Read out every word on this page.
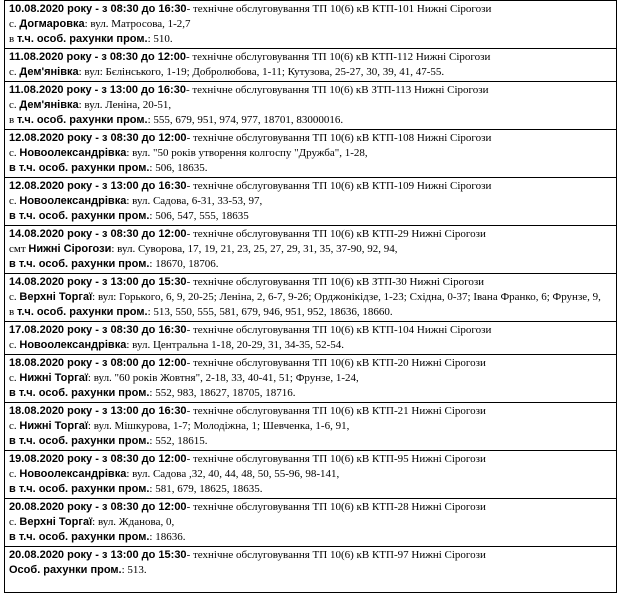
10.08.2020 року - з 08:30 до 16:30- технічне обслуговування ТП 10(6) кВ КТП-101 Нижні Сірогози
с. Догмаровка: вул. Матросова, 1-2,7
в т.ч. особ. рахунки пром.: 510.

11.08.2020 року - з 08:30 до 12:00- технічне обслуговування ТП 10(6) кВ КТП-112 Нижні Сірогози
с. Дем'янівка: вул: Бєлінського, 1-19; Добролюбова, 1-11; Кутузова, 25-27, 30, 39, 41, 47-55.

11.08.2020 року - з 13:00 до 16:30- технічне обслуговування ТП 10(6) кВ ЗТП-113 Нижні Сірогози
с. Дем'янівка: вул. Леніна, 20-51,
в т.ч. особ. рахунки пром.: 555, 679, 951, 974, 977, 18701, 83000016.

12.08.2020 року - з 08:30 до 12:00- технічне обслуговування ТП 10(6) кВ КТП-108 Нижні Сірогози
с. Новоолександрівка: вул. "50 років утворення колгоспу "Дружба", 1-28,
в т.ч. особ. рахунки пром.: 506, 18635.

12.08.2020 року - з 13:00 до 16:30- технічне обслуговування ТП 10(6) кВ КТП-109 Нижні Сірогози
с. Новоолександрівка: вул. Садова, 6-31, 33-53, 97,
в т.ч. особ. рахунки пром.: 506, 547, 555, 18635

14.08.2020 року - з 08:30 до 12:00- технічне обслуговування ТП 10(6) кВ КТП-29 Нижні Сірогози
смт Нижні Сірогози: вул. Суворова, 17, 19, 21, 23, 25, 27, 29, 31, 35, 37-90, 92, 94,
в т.ч. особ. рахунки пром.: 18670, 18706.

14.08.2020 року - з 13:00 до 15:30- технічне обслуговування ТП 10(6) кВ ЗТП-30 Нижні Сірогози
с. Верхні Торгаї: вул: Горького, 6, 9, 20-25; Леніна, 2, 6-7, 9-26; Орджонікідзе, 1-23; Східна, 0-37; Івана Франко, 6; Фрунзе, 9,
в т.ч. особ. рахунки пром.: 513, 550, 555, 581, 679, 946, 951, 952, 18636, 18660.

17.08.2020 року - з 08:30 до 16:30- технічне обслуговування ТП 10(6) кВ КТП-104 Нижні Сірогози
с. Новоолександрівка: вул. Центральна 1-18, 20-29, 31, 34-35, 52-54.

18.08.2020 року - з 08:00 до 12:00- технічне обслуговування ТП 10(6) кВ КТП-20 Нижні Сірогози
с. Нижні Торгаї: вул. "60 років Жовтня", 2-18, 33, 40-41, 51; Фрунзе, 1-24,
в т.ч. особ. рахунки пром.: 552, 983, 18627, 18705, 18716.

18.08.2020 року - з 13:00 до 16:30- технічне обслуговування ТП 10(6) кВ КТП-21 Нижні Сірогози
с. Нижні Торгаї: вул. Мішкурова, 1-7; Молодіжна, 1; Шевченка, 1-6, 91,
в т.ч. особ. рахунки пром.: 552, 18615.

19.08.2020 року - з 08:30 до 12:00- технічне обслуговування ТП 10(6) кВ КТП-95 Нижні Сірогози
с. Новоолександрівка: вул. Садова ,32, 40, 44, 48, 50, 55-96, 98-141,
в т.ч. особ. рахунки пром.: 581, 679, 18625, 18635.

20.08.2020 року - з 08:30 до 12:00- технічне обслуговування ТП 10(6) кВ КТП-28 Нижні Сірогози
с. Верхні Торгаї: вул. Жданова, 0,
в т.ч. особ. рахунки пром.: 18636.

20.08.2020 року - з 13:00 до 15:30- технічне обслуговування ТП 10(6) кВ КТП-97 Нижні Сірогози
Особ. рахунки пром.: 513.
